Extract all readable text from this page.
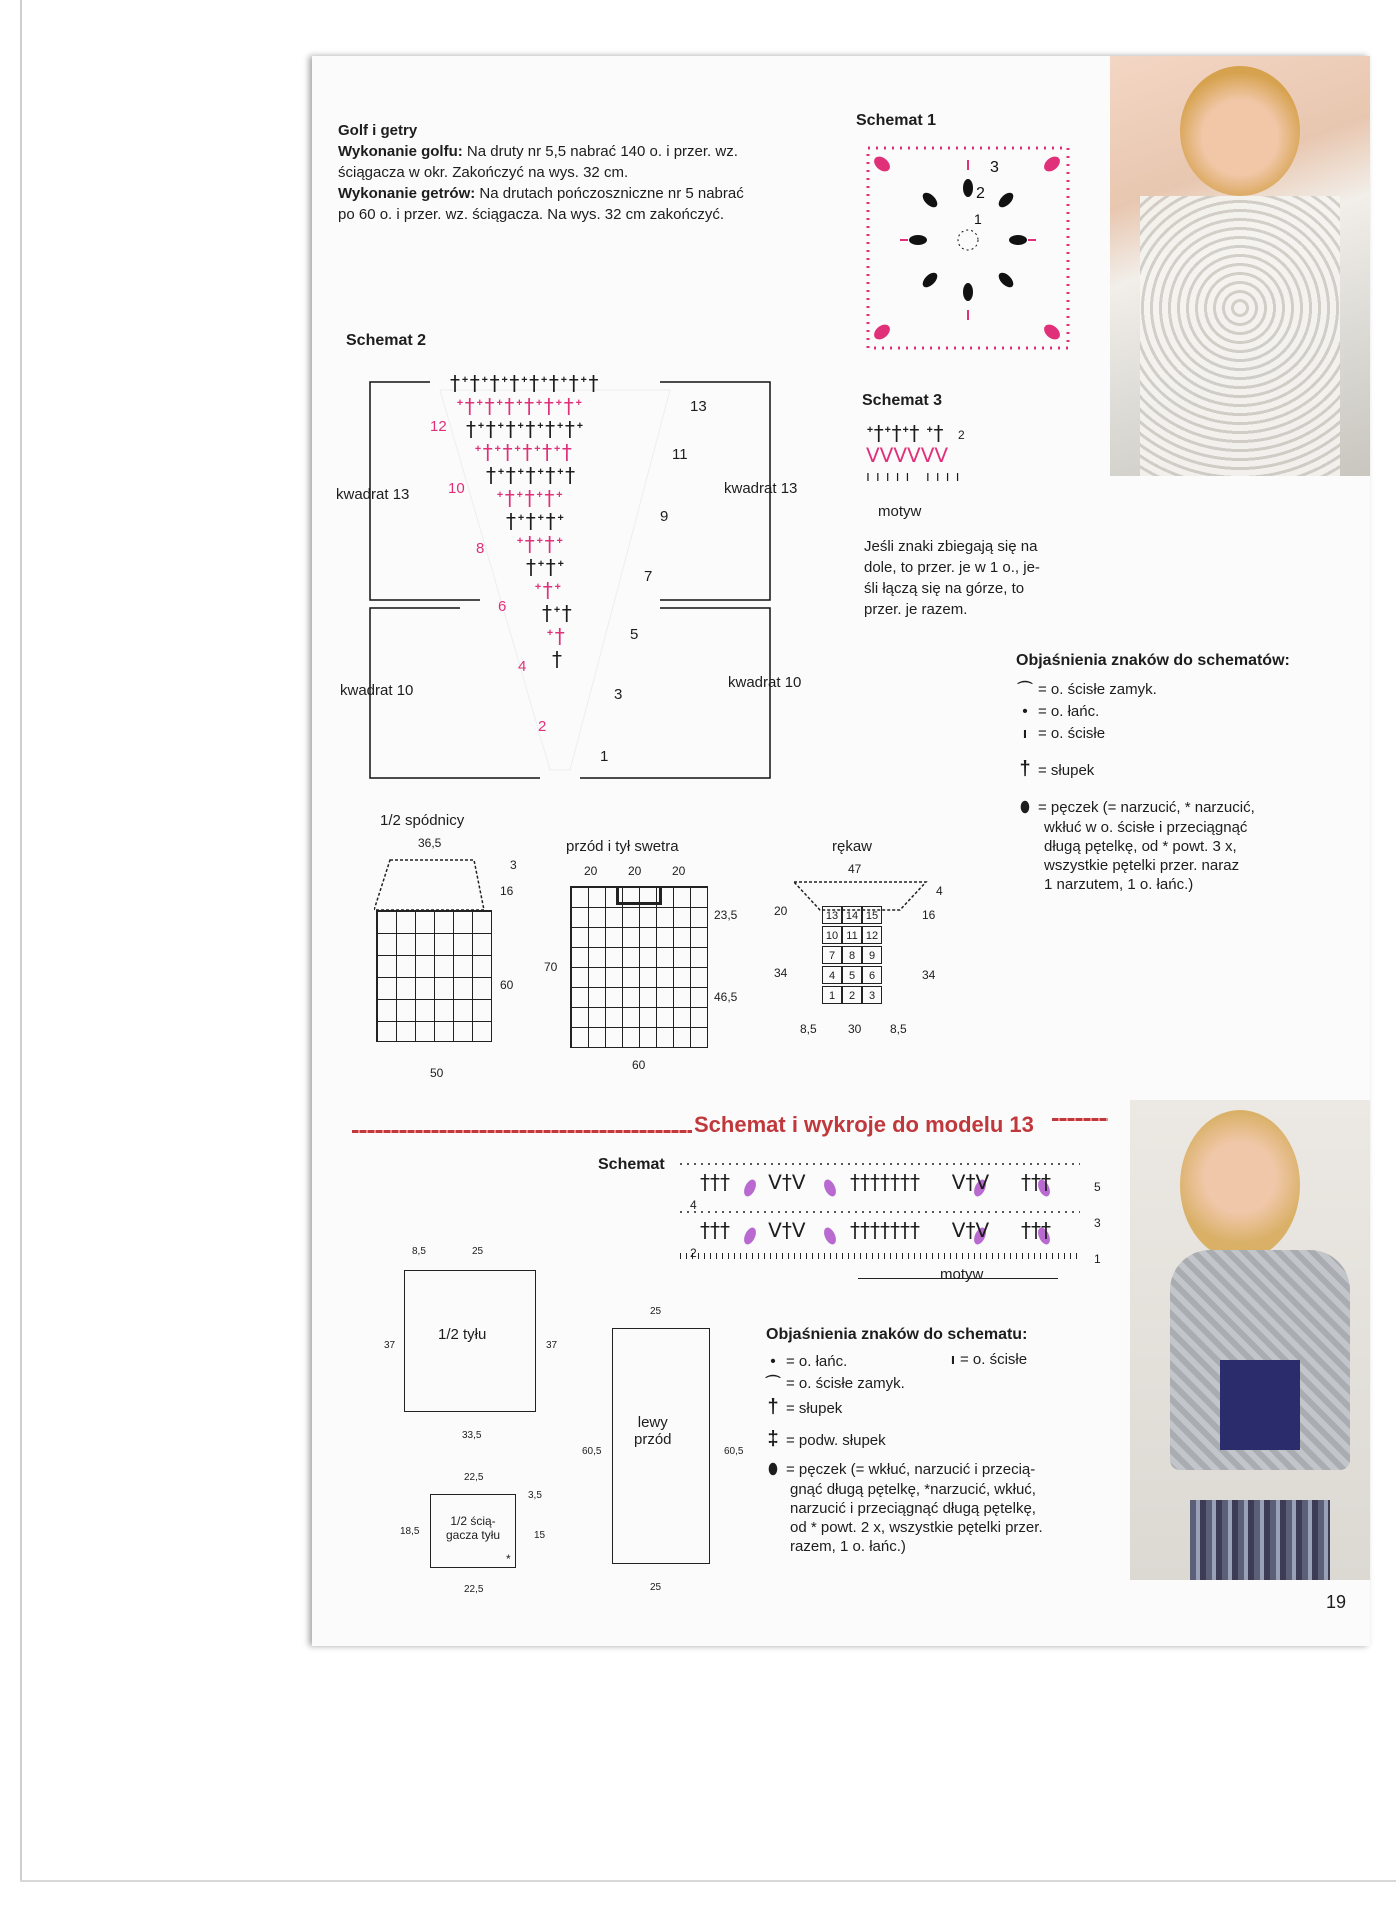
Golf i getry
Wykonanie golfu: Na druty nr 5,5 nabrać 140 o. i przer. wz.
ściągacza w okr. Zakończyć na wys. 32 cm.
Wykonanie getrów: Na drutach pończoszniczne nr 5 nabrać
po 60 o. i przer. wz. ściągacza. Na wys. 32 cm zakończyć.
Schemat 1
3
2
1
Schemat 2
†ᐩ†ᐩ†ᐩ†ᐩ†ᐩ†ᐩ†ᐩ†
ᐩ†ᐩ†ᐩ†ᐩ†ᐩ†ᐩ†ᐩ
†ᐩ†ᐩ†ᐩ†ᐩ†ᐩ†ᐩ
ᐩ†ᐩ†ᐩ†ᐩ†ᐩ†
†ᐩ†ᐩ†ᐩ†ᐩ†
ᐩ†ᐩ†ᐩ†ᐩ
†ᐩ†ᐩ†ᐩ
ᐩ†ᐩ†ᐩ
†ᐩ†ᐩ
ᐩ†ᐩ
†ᐩ†
ᐩ†
†
13
11
9
7
5
3
1
12
10
8
6
4
2
kwadrat 13	kwadrat 13
kwadrat 10	kwadrat 10
Schemat 3
ᐩ†ᐩ†ᐩ† ᐩ†
ᐯᐯᐯᐯᐯᐯ
ııııı ıııı
2
motyw
Jeśli znaki zbiegają się na
dole, to przer. je w 1 o., je-
śli łączą się na górze, to
przer. je razem.
Objaśnienia znaków do schematów:
⌒ = o. ścisłe zamyk.
• = o. łańc.
ı = o. ścisłe
† = słupek
⬮ = pęczek (= narzucić, * narzucić,
wkłuć w o. ścisłe i przeciągnąć
długą pętelkę, od * powt. 3 x,
wszystkie pętelki przer. naraz
1 narzutem, 1 o. łańc.)
1/2 spódnicy
36,5
3
16
60
50
przód i tył swetra
20	20	20
70
23,5
46,5
60
rękaw
47
20
34
4
16
34
8,5	30 8,5
13 14 15
10 11 12
7	8	9
4	5	6
1	2	3
Schemat i wykroje do modelu 13
Schemat
†††      ᐯ†ᐯ       †††††††     ᐯ†ᐯ     †††
†††      ᐯ†ᐯ       †††††††     ᐯ†ᐯ     †††
5
3
1
4
2
motyw
8,5	25
37	37
33,5
1/2 tyłu
22,5
3,5
15
18,5
22,5
1/2 ścią-
gacza tyłu
*
25
60,5	60,5
25
lewy
przód
Objaśnienia znaków do schematu:
• = o. łańc.	ı = o. ścisłe
⌒ = o. ścisłe zamyk.
† = słupek
‡ = podw. słupek
⬮ = pęczek (= wkłuć, narzucić i przecią-
gnąć długą pętelkę, *narzucić, wkłuć,
narzucić i przeciągnąć długą pętelkę,
od * powt. 2 x, wszystkie pętelki przer.
razem, 1 o. łańc.)
19
